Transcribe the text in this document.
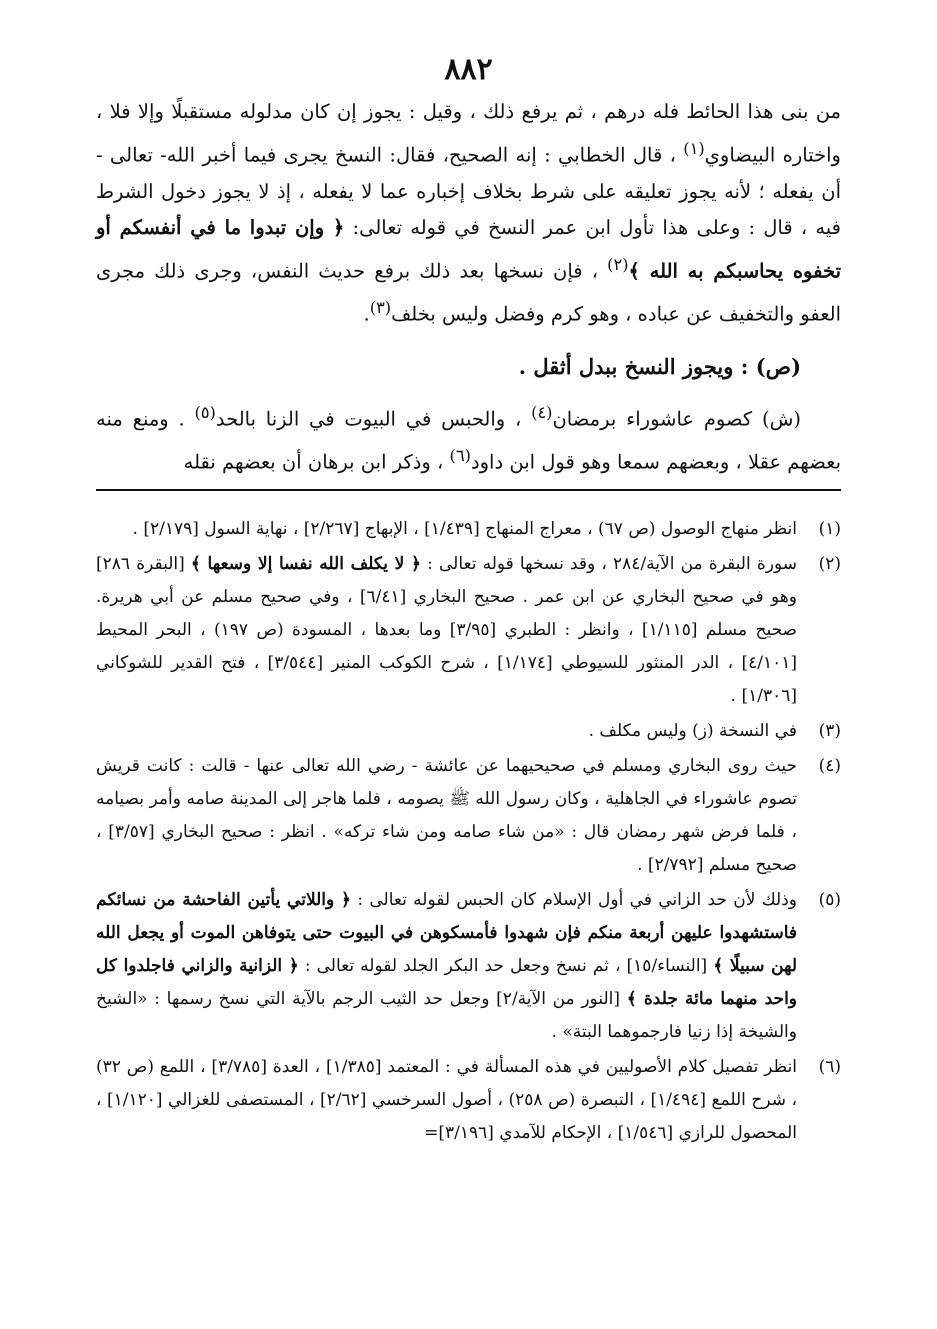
٨٨٢

من بنى هذا الحائط فله درهم ، ثم يرفع ذلك ، وقيل : يجوز إن كان مدلوله مستقبلًا وإلا فلا ، واختاره البيضاوي$^{(١)}$ ، قال الخطابي : إنه الصحيح، فقال: النسخ يجرى فيما أخبر الله- تعالى - أن يفعله ؛ لأنه يجوز تعليقه على شرط بخلاف إخباره عما لا يفعله ، إذ لا يجوز دخول الشرط فيه ، قال : وعلى هذا تأول ابن عمر النسخ في قوله تعالى: ﴿ وإن تبدوا ما في أنفسكم أو تخفوه يحاسبكم به الله ﴾$^{(٢)}$ ، فإن نسخها بعد ذلك برفع حديث النفس، وجرى ذلك مجرى العفو والتخفيف عن عباده ، وهو كرم وفضل وليس بخلف$^{(٣)}$.

(ص) : ويجوز النسخ ببدل أثقل .

(ش) كصوم عاشوراء برمضان$^{(٤)}$ ، والحبس في البيوت في الزنا بالحد$^{(٥)}$ . ومنع منه بعضهم عقلا ، وبعضهم سمعا وهو قول ابن داود$^{(٦)}$ ، وذكر ابن برهان أن بعضهم نقله

(١)

انظر منهاج الوصول (ص ٦٧) ، معراج المنهاج [١/٤٣٩] ، الإبهاج [٢/٢٦٧] ، نهاية السول [٢/١٧٩] .

(٢)

سورة البقرة من الآية/٢٨٤ ، وقد نسخها قوله تعالى : ﴿ لا يكلف الله نفسا إلا وسعها ﴾ [البقرة ٢٨٦] وهو في صحيح البخاري عن ابن عمر . صحيح البخاري [٦/٤١] ، وفي صحيح مسلم عن أبي هريرة. صحيح مسلم [١/١١٥] ، وانظر : الطبري [٣/٩٥] وما بعدها ، المسودة (ص ١٩٧) ، البحر المحيط [٤/١٠١] ، الدر المنثور للسيوطي [١/١٧٤] ، شرح الكوكب المنير [٣/٥٤٤] ، فتح القدير للشوكاني [١/٣٠٦] .

(٣)

في النسخة (ز) وليس مكلف .

(٤)

حيث روى البخاري ومسلم في صحيحيهما عن عائشة - رضي الله تعالى عنها - قالت : كانت قريش تصوم عاشوراء في الجاهلية ، وكان رسول الله ﷺ يصومه ، فلما هاجر إلى المدينة صامه وأمر بصيامه ، فلما فرض شهر رمضان قال : «من شاء صامه ومن شاء تركه» . انظر : صحيح البخاري [٣/٥٧] ، صحيح مسلم [٢/٧٩٢] .

(٥)

وذلك لأن حد الزاني في أول الإسلام كان الحبس لقوله تعالى : ﴿ واللاتي يأتين الفاحشة من نسائكم فاستشهدوا عليهن أربعة منكم فإن شهدوا فأمسكوهن في البيوت حتى يتوفاهن الموت أو يجعل الله لهن سبيلًا ﴾ [النساء/١٥] ، ثم نسخ وجعل حد البكر الجلد لقوله تعالى : ﴿ الزانية والزاني فاجلدوا كل واحد منهما مائة جلدة ﴾ [النور من الآية/٢] وجعل حد الثيب الرجم بالآية التي نسخ رسمها : «الشيخ والشيخة إذا زنيا فارجموهما البتة» .

(٦)

انظر تفصيل كلام الأصوليين في هذه المسألة في : المعتمد [١/٣٨٥] ، العدة [٣/٧٨٥] ، اللمع (ص ٣٢) ، شرح اللمع [١/٤٩٤] ، التبصرة (ص ٢٥٨) ، أصول السرخسي [٢/٦٢] ، المستصفى للغزالي [١/١٢٠] ، المحصول للرازي [١/٥٤٦] ، الإحكام للآمدي [٣/١٩٦]=
